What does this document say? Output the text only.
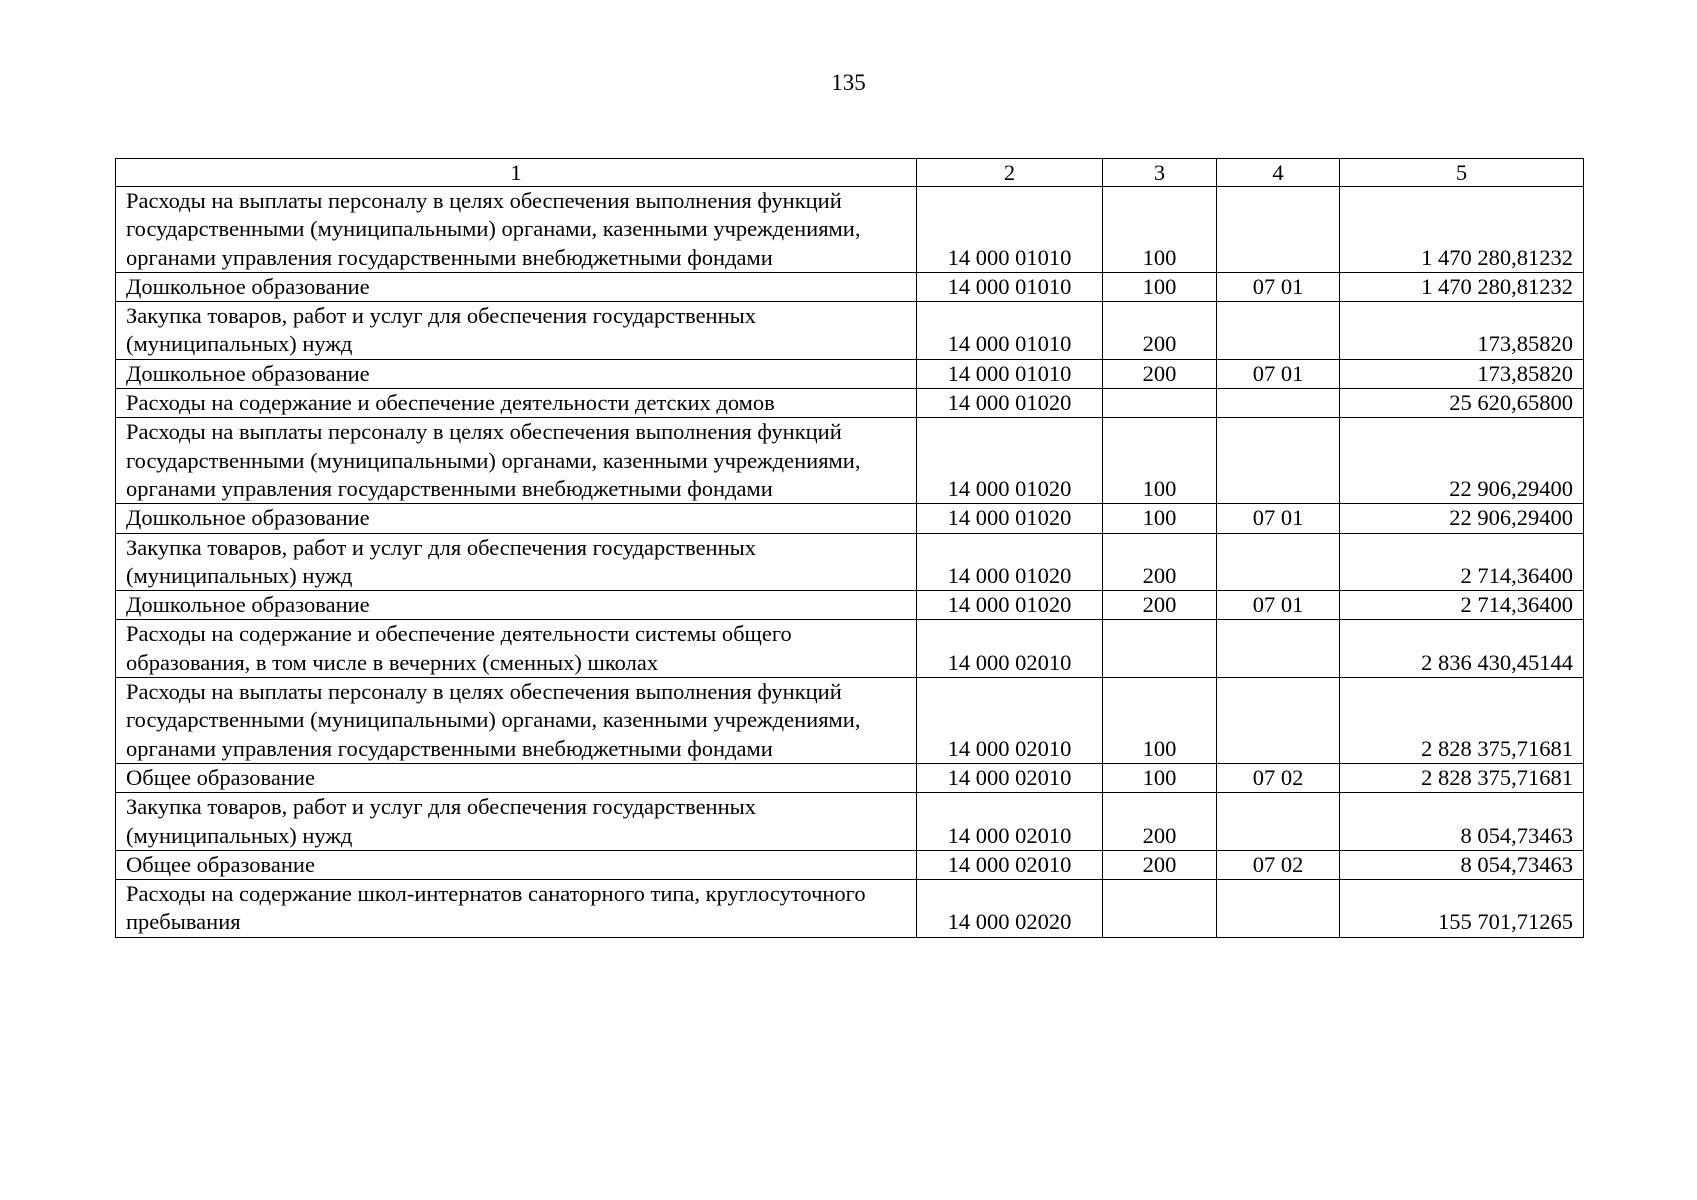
135
1	2	3	4	5
Расходы на выплаты персоналу в целях обеспечения выполнения функций государственными (муниципальными) органами, казенными учреждениями, органами управления государственными внебюджетными фондами	14 000 01010	100		1 470 280,81232
Дошкольное образование	14 000 01010	100	07 01	1 470 280,81232
Закупка товаров, работ и услуг для обеспечения государственных (муниципальных) нужд	14 000 01010	200		173,85820
Дошкольное образование	14 000 01010	200	07 01	173,85820
Расходы на содержание и обеспечение деятельности детских домов	14 000 01020			25 620,65800
Расходы на выплаты персоналу в целях обеспечения выполнения функций государственными (муниципальными) органами, казенными учреждениями, органами управления государственными внебюджетными фондами	14 000 01020	100		22 906,29400
Дошкольное образование	14 000 01020	100	07 01	22 906,29400
Закупка товаров, работ и услуг для обеспечения государственных (муниципальных) нужд	14 000 01020	200		2 714,36400
Дошкольное образование	14 000 01020	200	07 01	2 714,36400
Расходы на содержание и обеспечение деятельности системы общего образования, в том числе в вечерних (сменных) школах	14 000 02010			2 836 430,45144
Расходы на выплаты персоналу в целях обеспечения выполнения функций государственными (муниципальными) органами, казенными учреждениями, органами управления государственными внебюджетными фондами	14 000 02010	100		2 828 375,71681
Общее образование	14 000 02010	100	07 02	2 828 375,71681
Закупка товаров, работ и услуг для обеспечения государственных (муниципальных) нужд	14 000 02010	200		8 054,73463
Общее образование	14 000 02010	200	07 02	8 054,73463
Расходы на содержание школ-интернатов санаторного типа, круглосуточного пребывания	14 000 02020			155 701,71265
